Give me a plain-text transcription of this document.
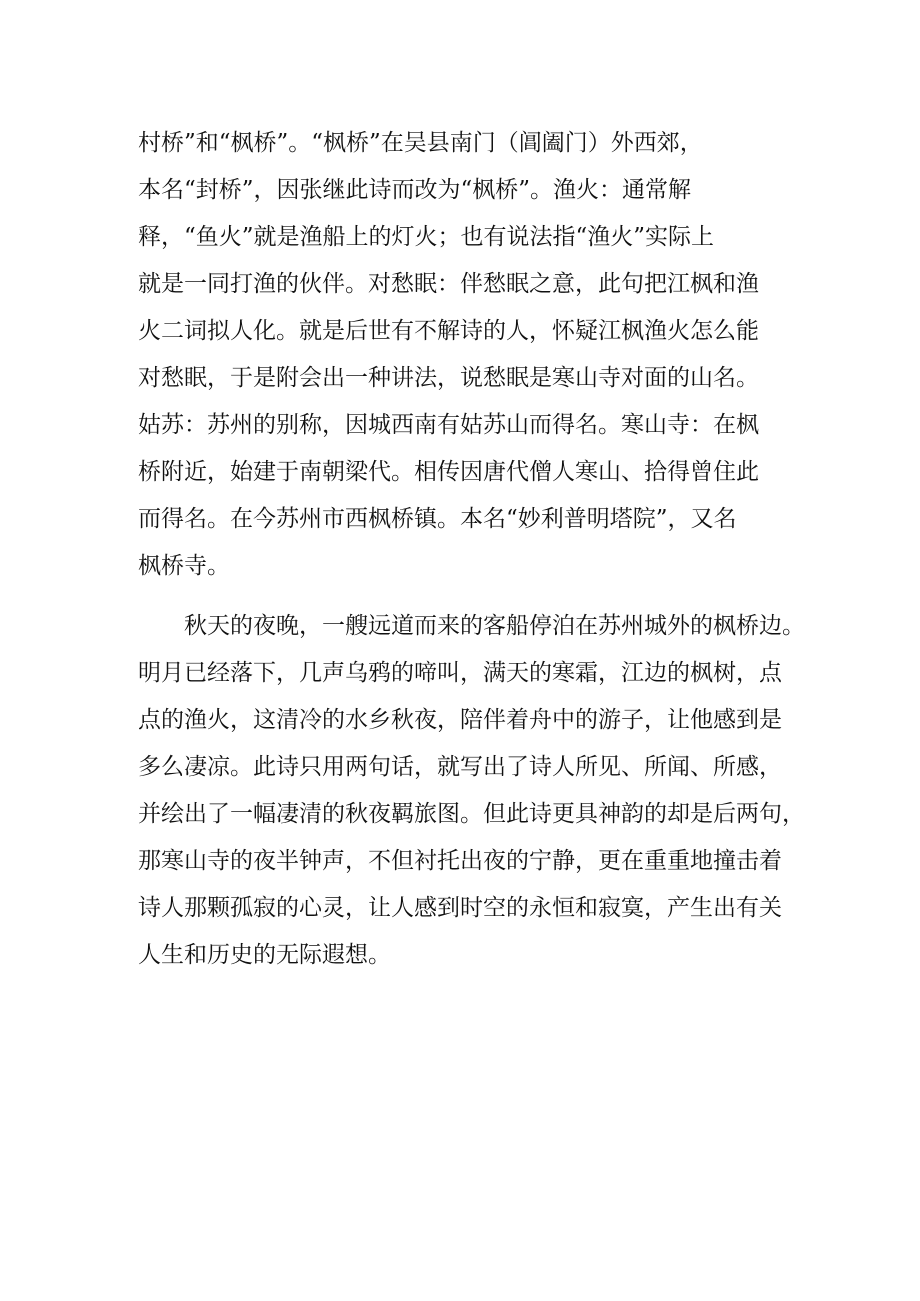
村桥”和“枫桥”。“枫桥”在吴县南门（阊阖门）外西郊，
本名“封桥”，因张继此诗而改为“枫桥”。渔火：通常解
释，“鱼火”就是渔船上的灯火；也有说法指“渔火”实际上
就是一同打渔的伙伴。对愁眠：伴愁眠之意，此句把江枫和渔
火二词拟人化。就是后世有不解诗的人，怀疑江枫渔火怎么能
对愁眠，于是附会出一种讲法，说愁眠是寒山寺对面的山名。
姑苏：苏州的别称，因城西南有姑苏山而得名。寒山寺：在枫
桥附近，始建于南朝梁代。相传因唐代僧人寒山、拾得曾住此
而得名。在今苏州市西枫桥镇。本名“妙利普明塔院”，又名
枫桥寺。
秋天的夜晚，一艘远道而来的客船停泊在苏州城外的枫桥边。
明月已经落下，几声乌鸦的啼叫，满天的寒霜，江边的枫树，点
点的渔火，这清冷的水乡秋夜，陪伴着舟中的游子，让他感到是
多么凄凉。此诗只用两句话，就写出了诗人所见、所闻、所感，
并绘出了一幅凄清的秋夜羁旅图。但此诗更具神韵的却是后两句，
那寒山寺的夜半钟声，不但衬托出夜的宁静，更在重重地撞击着
诗人那颗孤寂的心灵，让人感到时空的永恒和寂寞，产生出有关
人生和历史的无际遐想。
